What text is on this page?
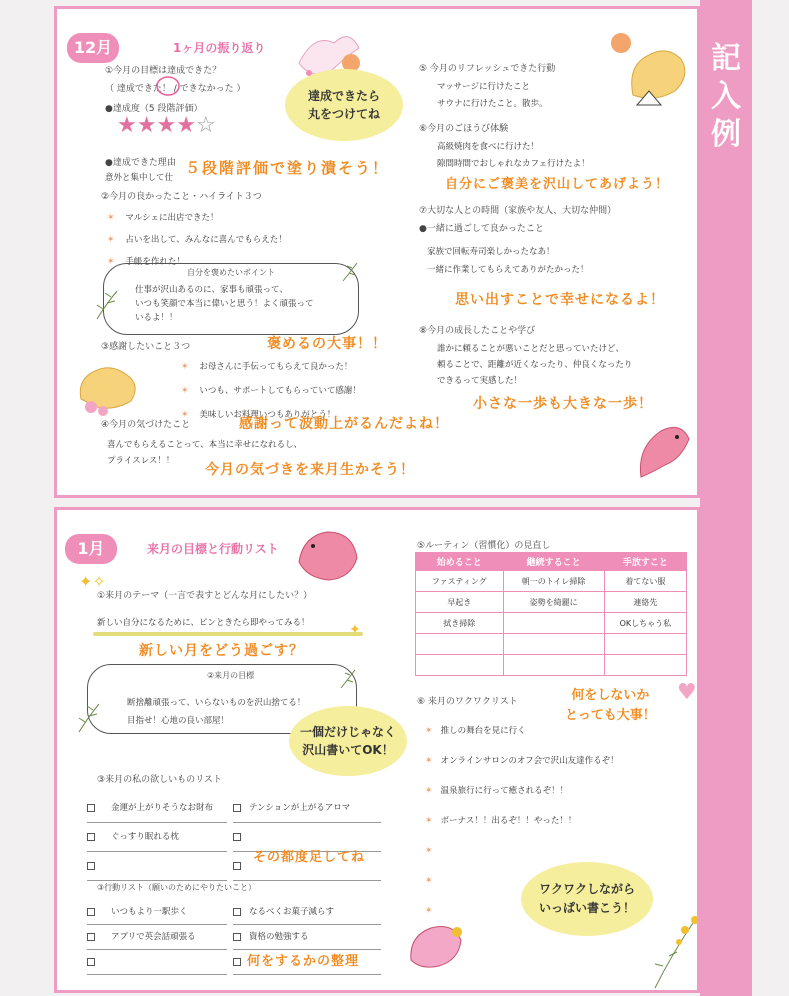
記
入
例
12月	1ヶ月の振り返り
①今月の目標は達成できた？
（ 達成できた！ / できなかった ）
●達成度（5 段階評価）
★★★★☆
●達成できた理由
意外と集中して仕
達成できたら
丸をつけてね
５段階評価で塗り潰そう！
②今月の良かったこと・ハイライト３つ
✶ マルシェに出店できた！
✶ 占いを出して、みんなに喜んでもらえた！
✶ 手帳を作れた！
自分を褒めたいポイント
仕事が沢山あるのに、家事も頑張って、
いつも笑顔で本当に偉いと思う！よく頑張って
いるよ！！
褒めるの大事！！
③感謝したいこと３つ
✶ お母さんに手伝ってもらえて良かった！
✶ いつも、サポートしてもらっていて感謝！
✶ 美味しいお料理いつもありがとう！
感謝って波動上がるんだよね！
④今月の気づけたこと
喜んでもらえることって、本当に幸せになれるし、
プライスレス！！
今月の気づきを来月生かそう！
⑤ 今月のリフレッシュできた行動
マッサージに行けたこと
サウナに行けたこと。散歩。
⑥今月のごほうび体験
高級焼肉を食べに行けた！
隙間時間でおしゃれなカフェ行けたよ！
自分にご褒美を沢山してあげよう！
⑦大切な人との時間（家族や友人、大切な仲間）
●一緒に過ごして良かったこと
家族で回転寿司楽しかったなあ！
一緒に作業してもらえてありがたかった！
思い出すことで幸せになるよ！
⑧今月の成長したことや学び
誰かに頼ることが悪いことだと思っていたけど、
頼ることで、距離が近くなったり、仲良くなったり
できるって実感した！
小さな一歩も大きな一歩！
1月	来月の目標と行動リスト
✦✧
①来月のテーマ（一言で表すとどんな月にしたい？）
新しい自分になるために、ピンときたら即やってみる！
新しい月をどう過ごす？
✦
②来月の目標
断捨離頑張って、いらないものを沢山捨てる！
目指せ！心地の良い部屋！
一個だけじゃなく
沢山書いてOK！
③来月の私の欲しいものリスト
金運が上がりそうなお財布	テンションが上がるアロマ
ぐっすり眠れる枕
その都度足してね
③行動リスト（願いのためにやりたいこと）
いつもより一駅歩く	なるべくお菓子減らす
アプリで英会話頑張る	資格の勉強する
何をするかの整理
⑤ルーティン（習慣化）の見直し
始めること	継続すること	手放すこと
ファスティング	朝一のトイレ掃除	着てない服
早起き	姿勢を綺麗に	連絡先
拭き掃除		OKしちゃう私

何をしないか
とっても大事！
♥
⑥ 来月のワクワクリスト
✶ 推しの舞台を見に行く
✶ オンラインサロンのオフ会で沢山友達作るぞ！
✶ 温泉旅行に行って癒されるぞ！！
✶ ボーナス！！出るぞ！！やった！！
✶
✶
✶
ワクワクしながら
いっぱい書こう！
